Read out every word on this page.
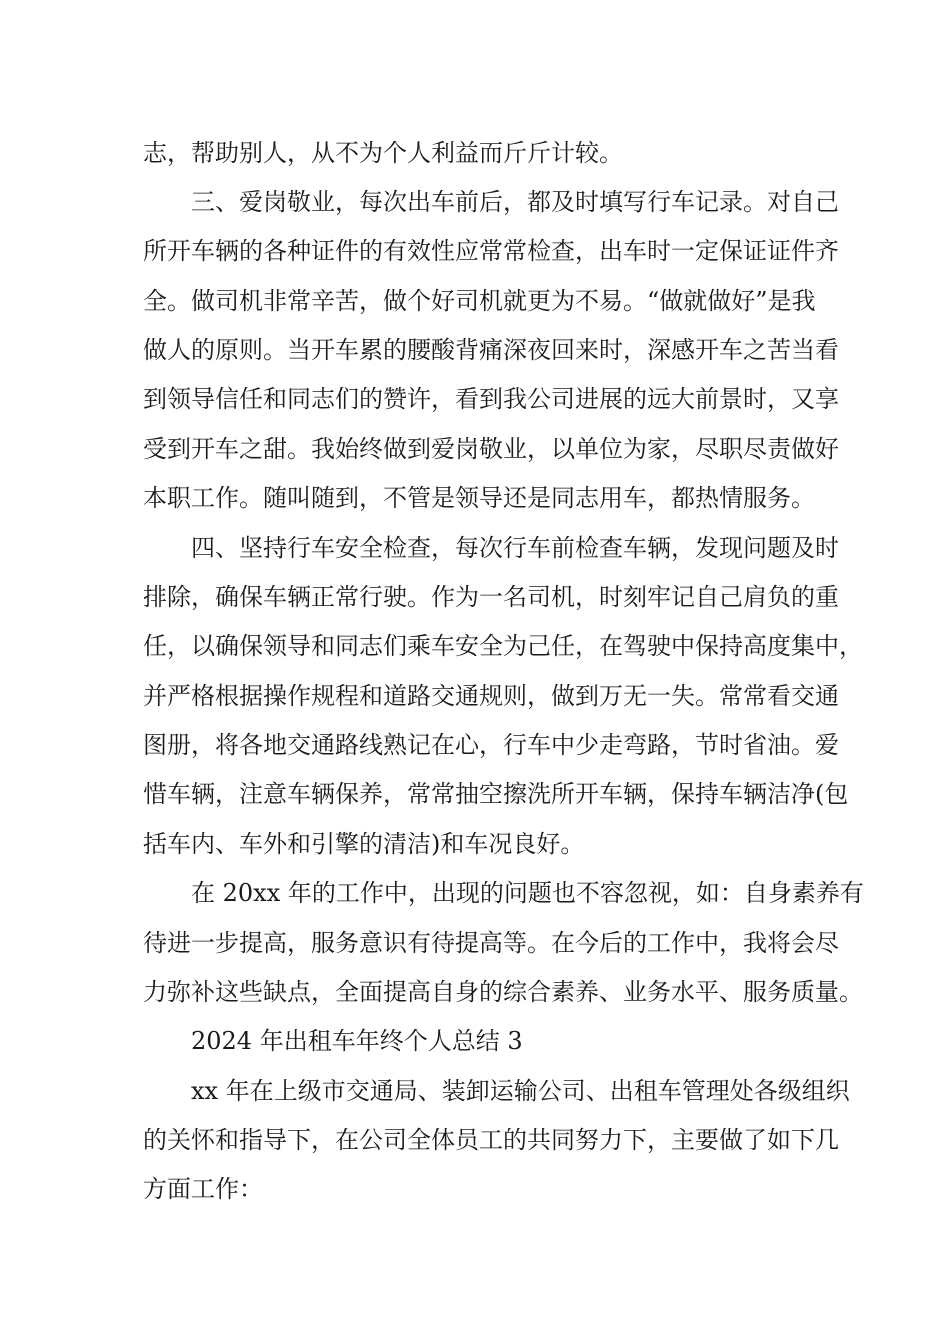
志，帮助别人，从不为个人利益而斤斤计较。
三、爱岗敬业，每次出车前后，都及时填写行车记录。对自己
所开车辆的各种证件的有效性应常常检查，出车时一定保证证件齐
全。做司机非常辛苦，做个好司机就更为不易。“做就做好”是我
做人的原则。当开车累的腰酸背痛深夜回来时，深感开车之苦当看
到领导信任和同志们的赞许，看到我公司进展的远大前景时，又享
受到开车之甜。我始终做到爱岗敬业，以单位为家，尽职尽责做好
本职工作。随叫随到，不管是领导还是同志用车，都热情服务。
四、坚持行车安全检查，每次行车前检查车辆，发现问题及时
排除，确保车辆正常行驶。作为一名司机，时刻牢记自己肩负的重
任，以确保领导和同志们乘车安全为己任，在驾驶中保持高度集中，
并严格根据操作规程和道路交通规则，做到万无一失。常常看交通
图册，将各地交通路线熟记在心，行车中少走弯路，节时省油。爱
惜车辆，注意车辆保养，常常抽空擦洗所开车辆，保持车辆洁净(包
括车内、车外和引擎的清洁)和车况良好。
在 20xx 年的工作中，出现的问题也不容忽视，如：自身素养有
待进一步提高，服务意识有待提高等。在今后的工作中，我将会尽
力弥补这些缺点，全面提高自身的综合素养、业务水平、服务质量。
2024 年出租车年终个人总结 3
xx 年在上级市交通局、装卸运输公司、出租车管理处各级组织
的关怀和指导下，在公司全体员工的共同努力下，主要做了如下几
方面工作：
